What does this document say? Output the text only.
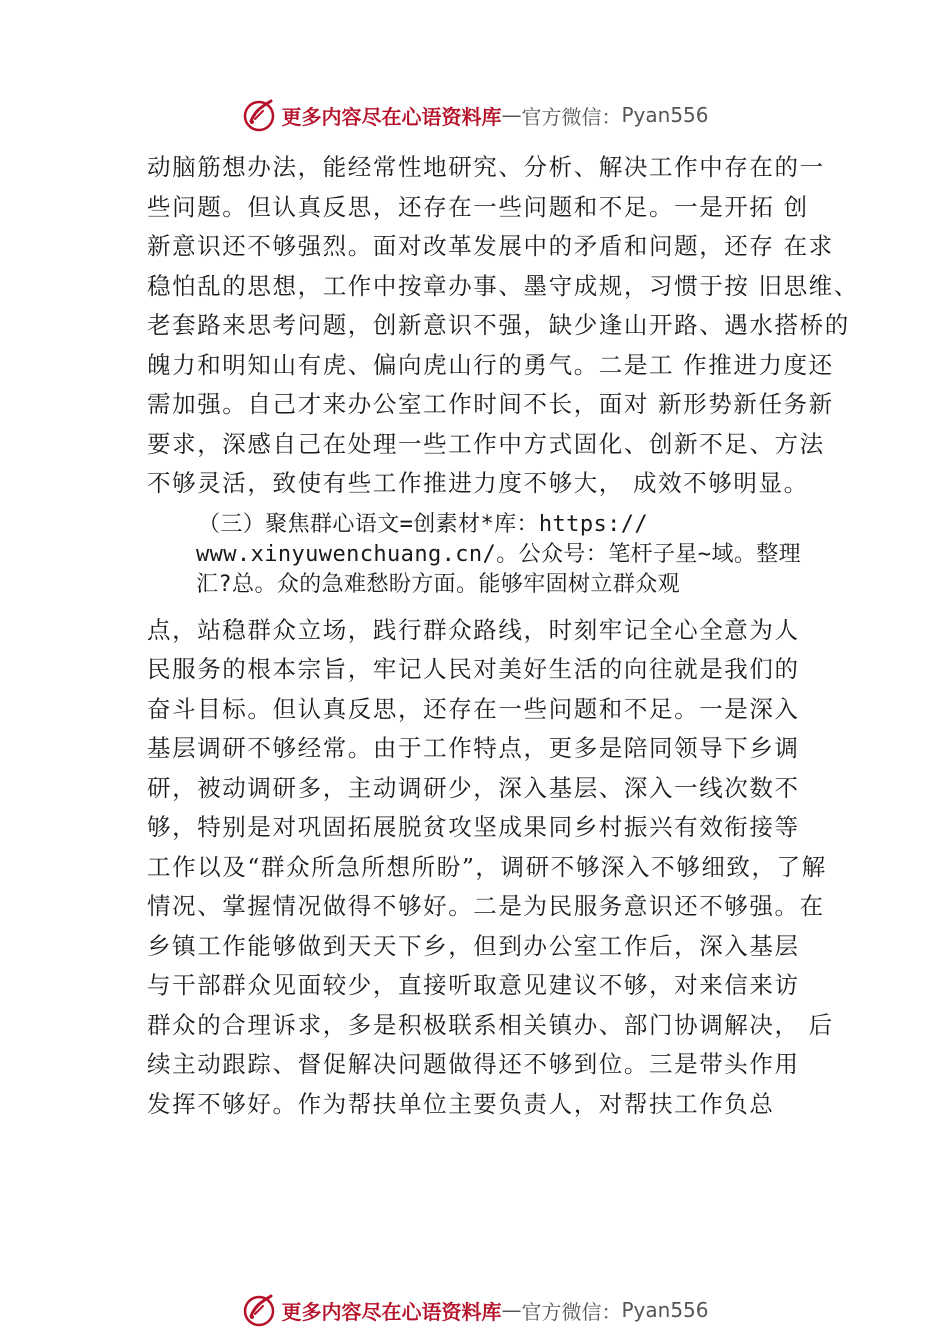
更多内容尽在心语资料库 — 官方微信： Pyan556
动脑筋想办法，能经常性地研究、分析、解决工作中存在的一
些问题。但认真反思，还存在一些问题和不足。一是开拓 创
新意识还不够强烈。面对改革发展中的矛盾和问题，还存 在求
稳怕乱的思想，工作中按章办事、墨守成规，习惯于按 旧思维、
老套路来思考问题，创新意识不强，缺少逢山开路、遇水搭桥的
魄力和明知山有虎、偏向虎山行的勇气。二是工 作推进力度还
需加强。自己才来办公室工作时间不长，面对 新形势新任务新
要求，深感自己在处理一些工作中方式固化、创新不足、方法
不够灵活，致使有些工作推进力度不够大， 成效不够明显。
（三）聚焦群心语文=创素材*库：https://
www.xinyuwenchuang.cn/。公众号：笔杆子星~域。整理
汇?总。众的急难愁盼方面。能够牢固树立群众观
点，站稳群众立场，践行群众路线，时刻牢记全心全意为人
民服务的根本宗旨，牢记人民对美好生活的向往就是我们的
奋斗目标。但认真反思，还存在一些问题和不足。一是深入
基层调研不够经常。由于工作特点，更多是陪同领导下乡调
研，被动调研多，主动调研少，深入基层、深入一线次数不
够，特别是对巩固拓展脱贫攻坚成果同乡村振兴有效衔接等
工作以及“群众所急所想所盼”，调研不够深入不够细致，了解
情况、掌握情况做得不够好。二是为民服务意识还不够强。在
乡镇工作能够做到天天下乡，但到办公室工作后，深入基层
与干部群众见面较少，直接听取意见建议不够，对来信来访
群众的合理诉求，多是积极联系相关镇办、部门协调解决， 后
续主动跟踪、督促解决问题做得还不够到位。三是带头作用
发挥不够好。作为帮扶单位主要负责人，对帮扶工作负总
更多内容尽在心语资料库 — 官方微信： Pyan556
